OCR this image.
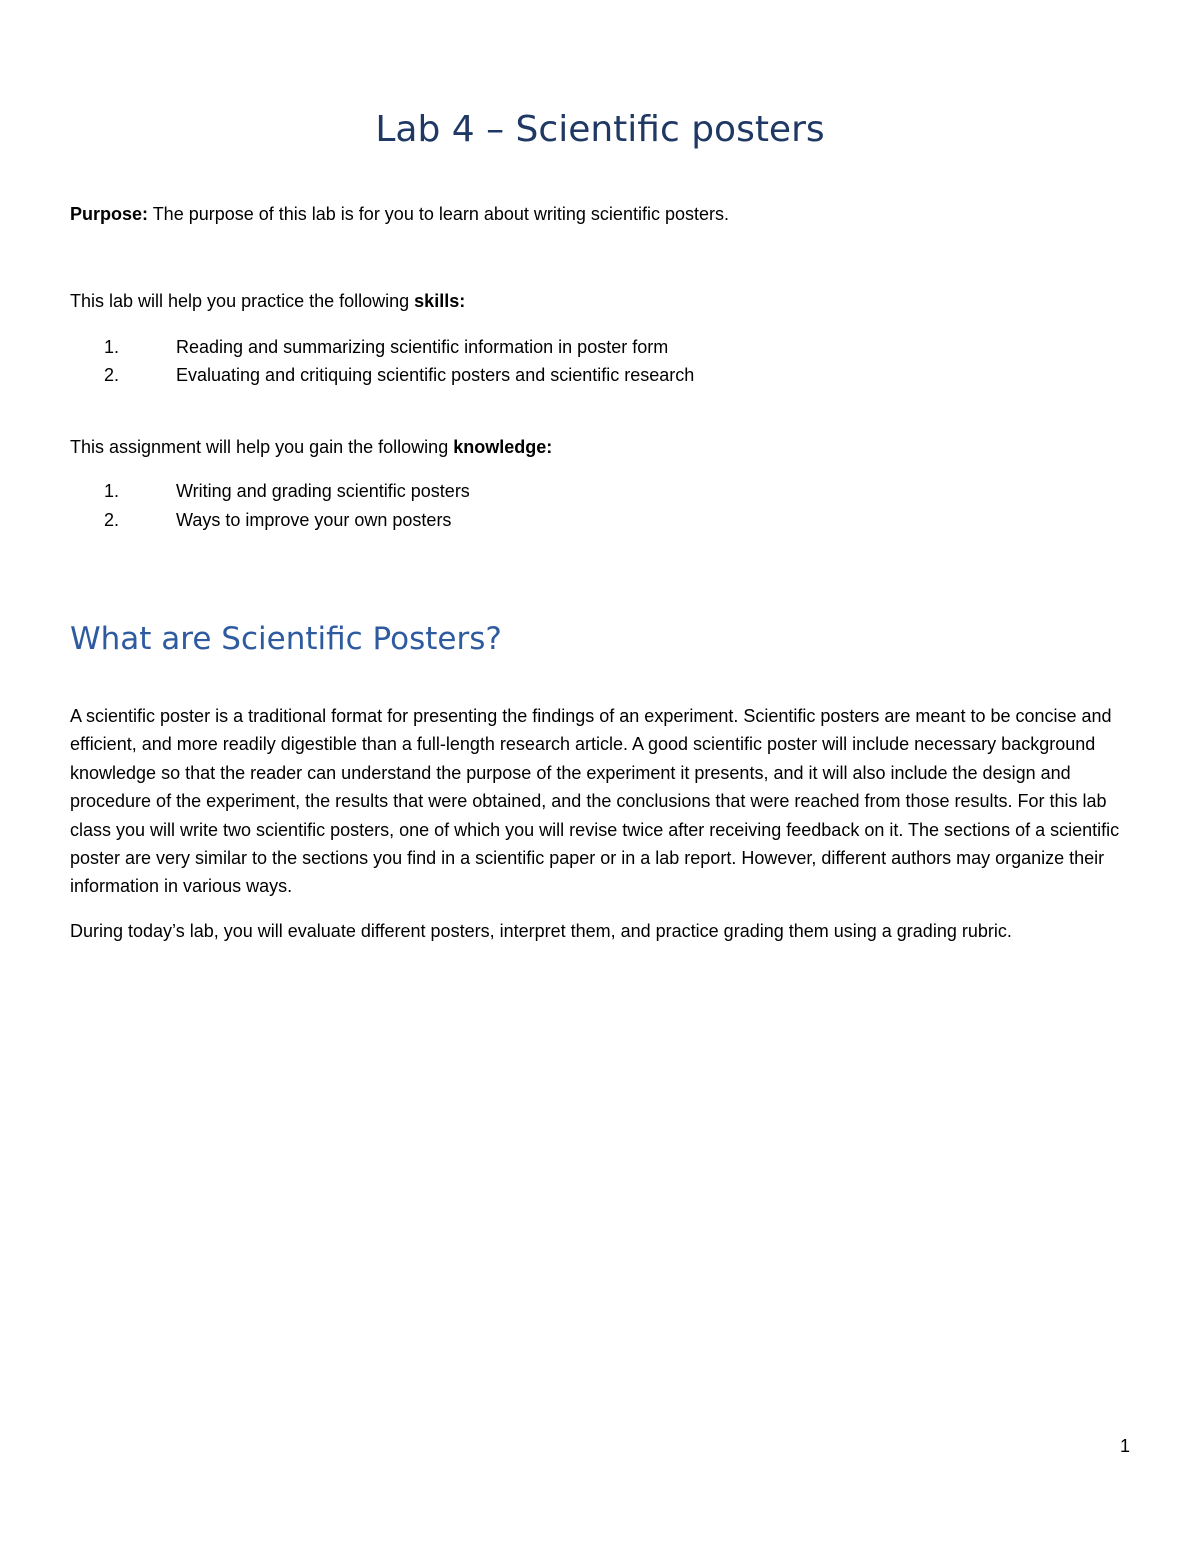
Lab 4 – Scientific posters

Purpose: The purpose of this lab is for you to learn about writing scientific posters.

This lab will help you practice the following skills:

1.	Reading and summarizing scientific information in poster form
2.	Evaluating and critiquing scientific posters and scientific research

This assignment will help you gain the following knowledge:

1.	Writing and grading scientific posters
2.	Ways to improve your own posters
What are Scientific Posters?

A scientific poster is a traditional format for presenting the findings of an experiment. Scientific posters are meant to be concise and efficient, and more readily digestible than a full-length research article. A good scientific poster will include necessary background knowledge so that the reader can understand the purpose of the experiment it presents, and it will also include the design and procedure of the experiment, the results that were obtained, and the conclusions that were reached from those results. For this lab class you will write two scientific posters, one of which you will revise twice after receiving feedback on it. The sections of a scientific poster are very similar to the sections you find in a scientific paper or in a lab report. However, different authors may organize their information in various ways.

During today’s lab, you will evaluate different posters, interpret them, and practice grading them using a grading rubric.

1
